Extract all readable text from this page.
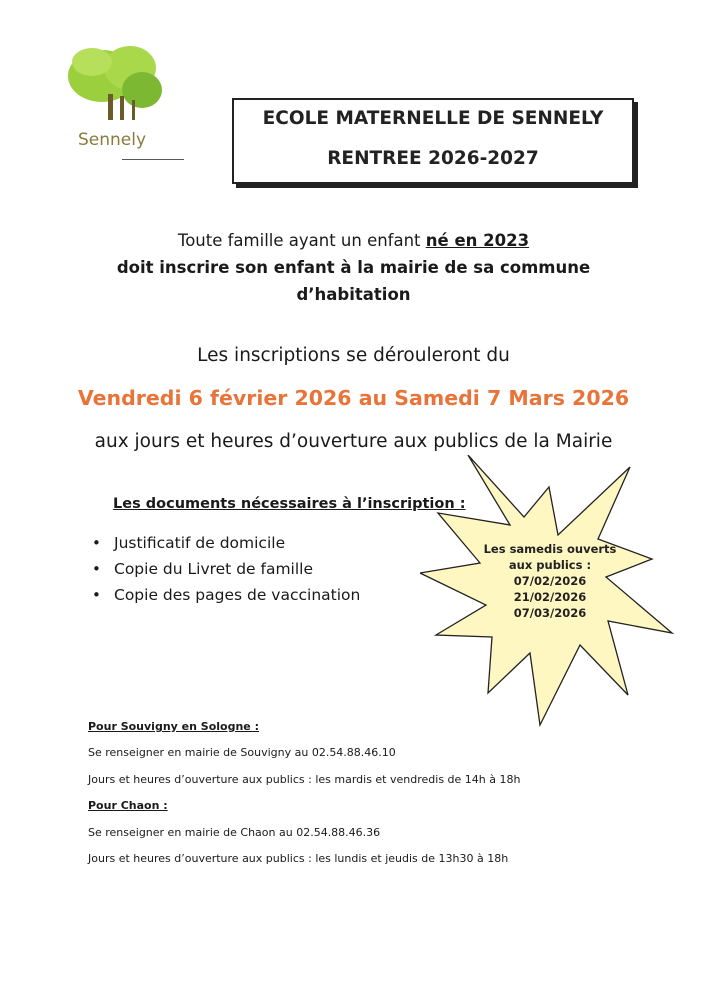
Sennely
ECOLE MATERNELLE DE SENNELY
RENTREE 2026-2027
Toute famille ayant un enfant né en 2023
doit inscrire son enfant à la mairie de sa commune
d’habitation
Les inscriptions se dérouleront du
Vendredi 6 février 2026 au Samedi 7 Mars 2026
aux jours et heures d’ouverture aux publics de la Mairie
Les samedis ouverts
aux publics :
07/02/2026
21/02/2026
07/03/2026
Les documents nécessaires à l’inscription :
• Justificatif de domicile
• Copie du Livret de famille
• Copie des pages de vaccination
Pour Souvigny en Sologne :
Se renseigner en mairie de Souvigny au 02.54.88.46.10
Jours et heures d’ouverture aux publics : les mardis et vendredis de 14h à 18h
Pour Chaon :
Se renseigner en mairie de Chaon au 02.54.88.46.36
Jours et heures d’ouverture aux publics : les lundis et jeudis de 13h30 à 18h
